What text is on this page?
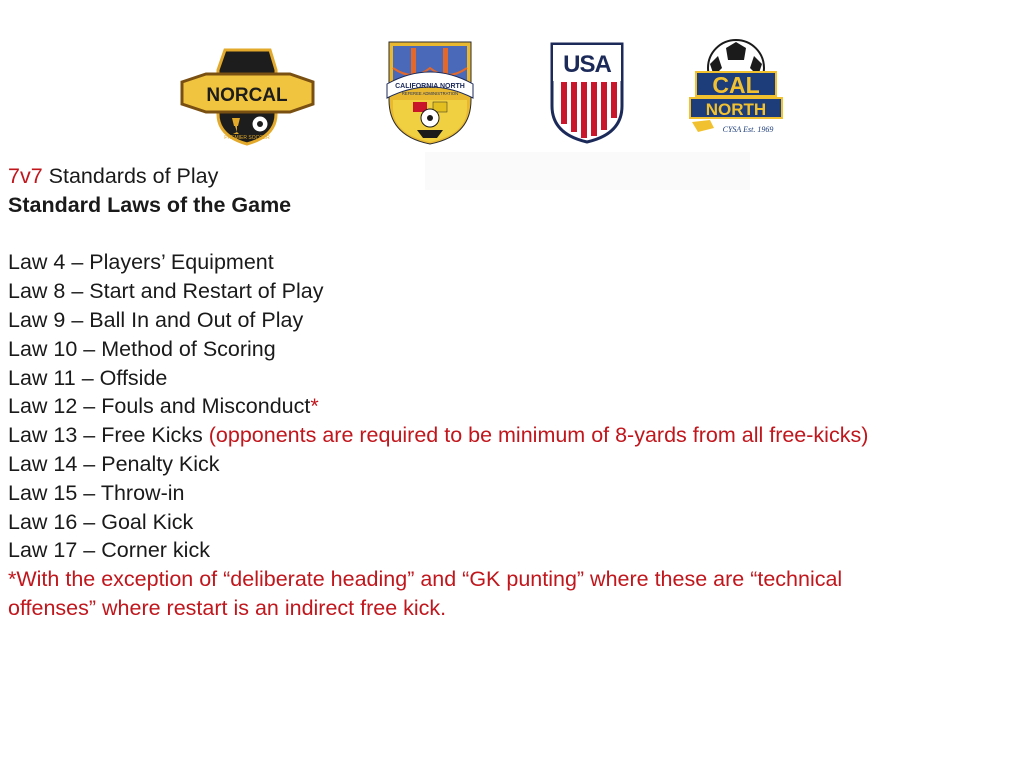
NORCAL
PREMIER SOCCER
CALIFORNIA NORTH
REFEREE ADMINISTRATION
USA
CAL
NORTH
CYSA Est. 1969

7v7 Standards of Play

Standard Laws of the Game

Law 4 – Players’ Equipment

Law 8 – Start and Restart of Play

Law 9 – Ball In and Out of Play

Law 10 – Method of Scoring

Law 11 – Offside

Law 12 – Fouls and Misconduct*

Law 13 – Free Kicks (opponents are required to be minimum of 8-yards from all free-kicks)

Law 14 – Penalty Kick

Law 15 – Throw-in

Law 16 – Goal Kick

Law 17 – Corner kick

*With the exception of “deliberate heading” and “GK punting” where these are “technical

offenses” where restart is an indirect free kick.
